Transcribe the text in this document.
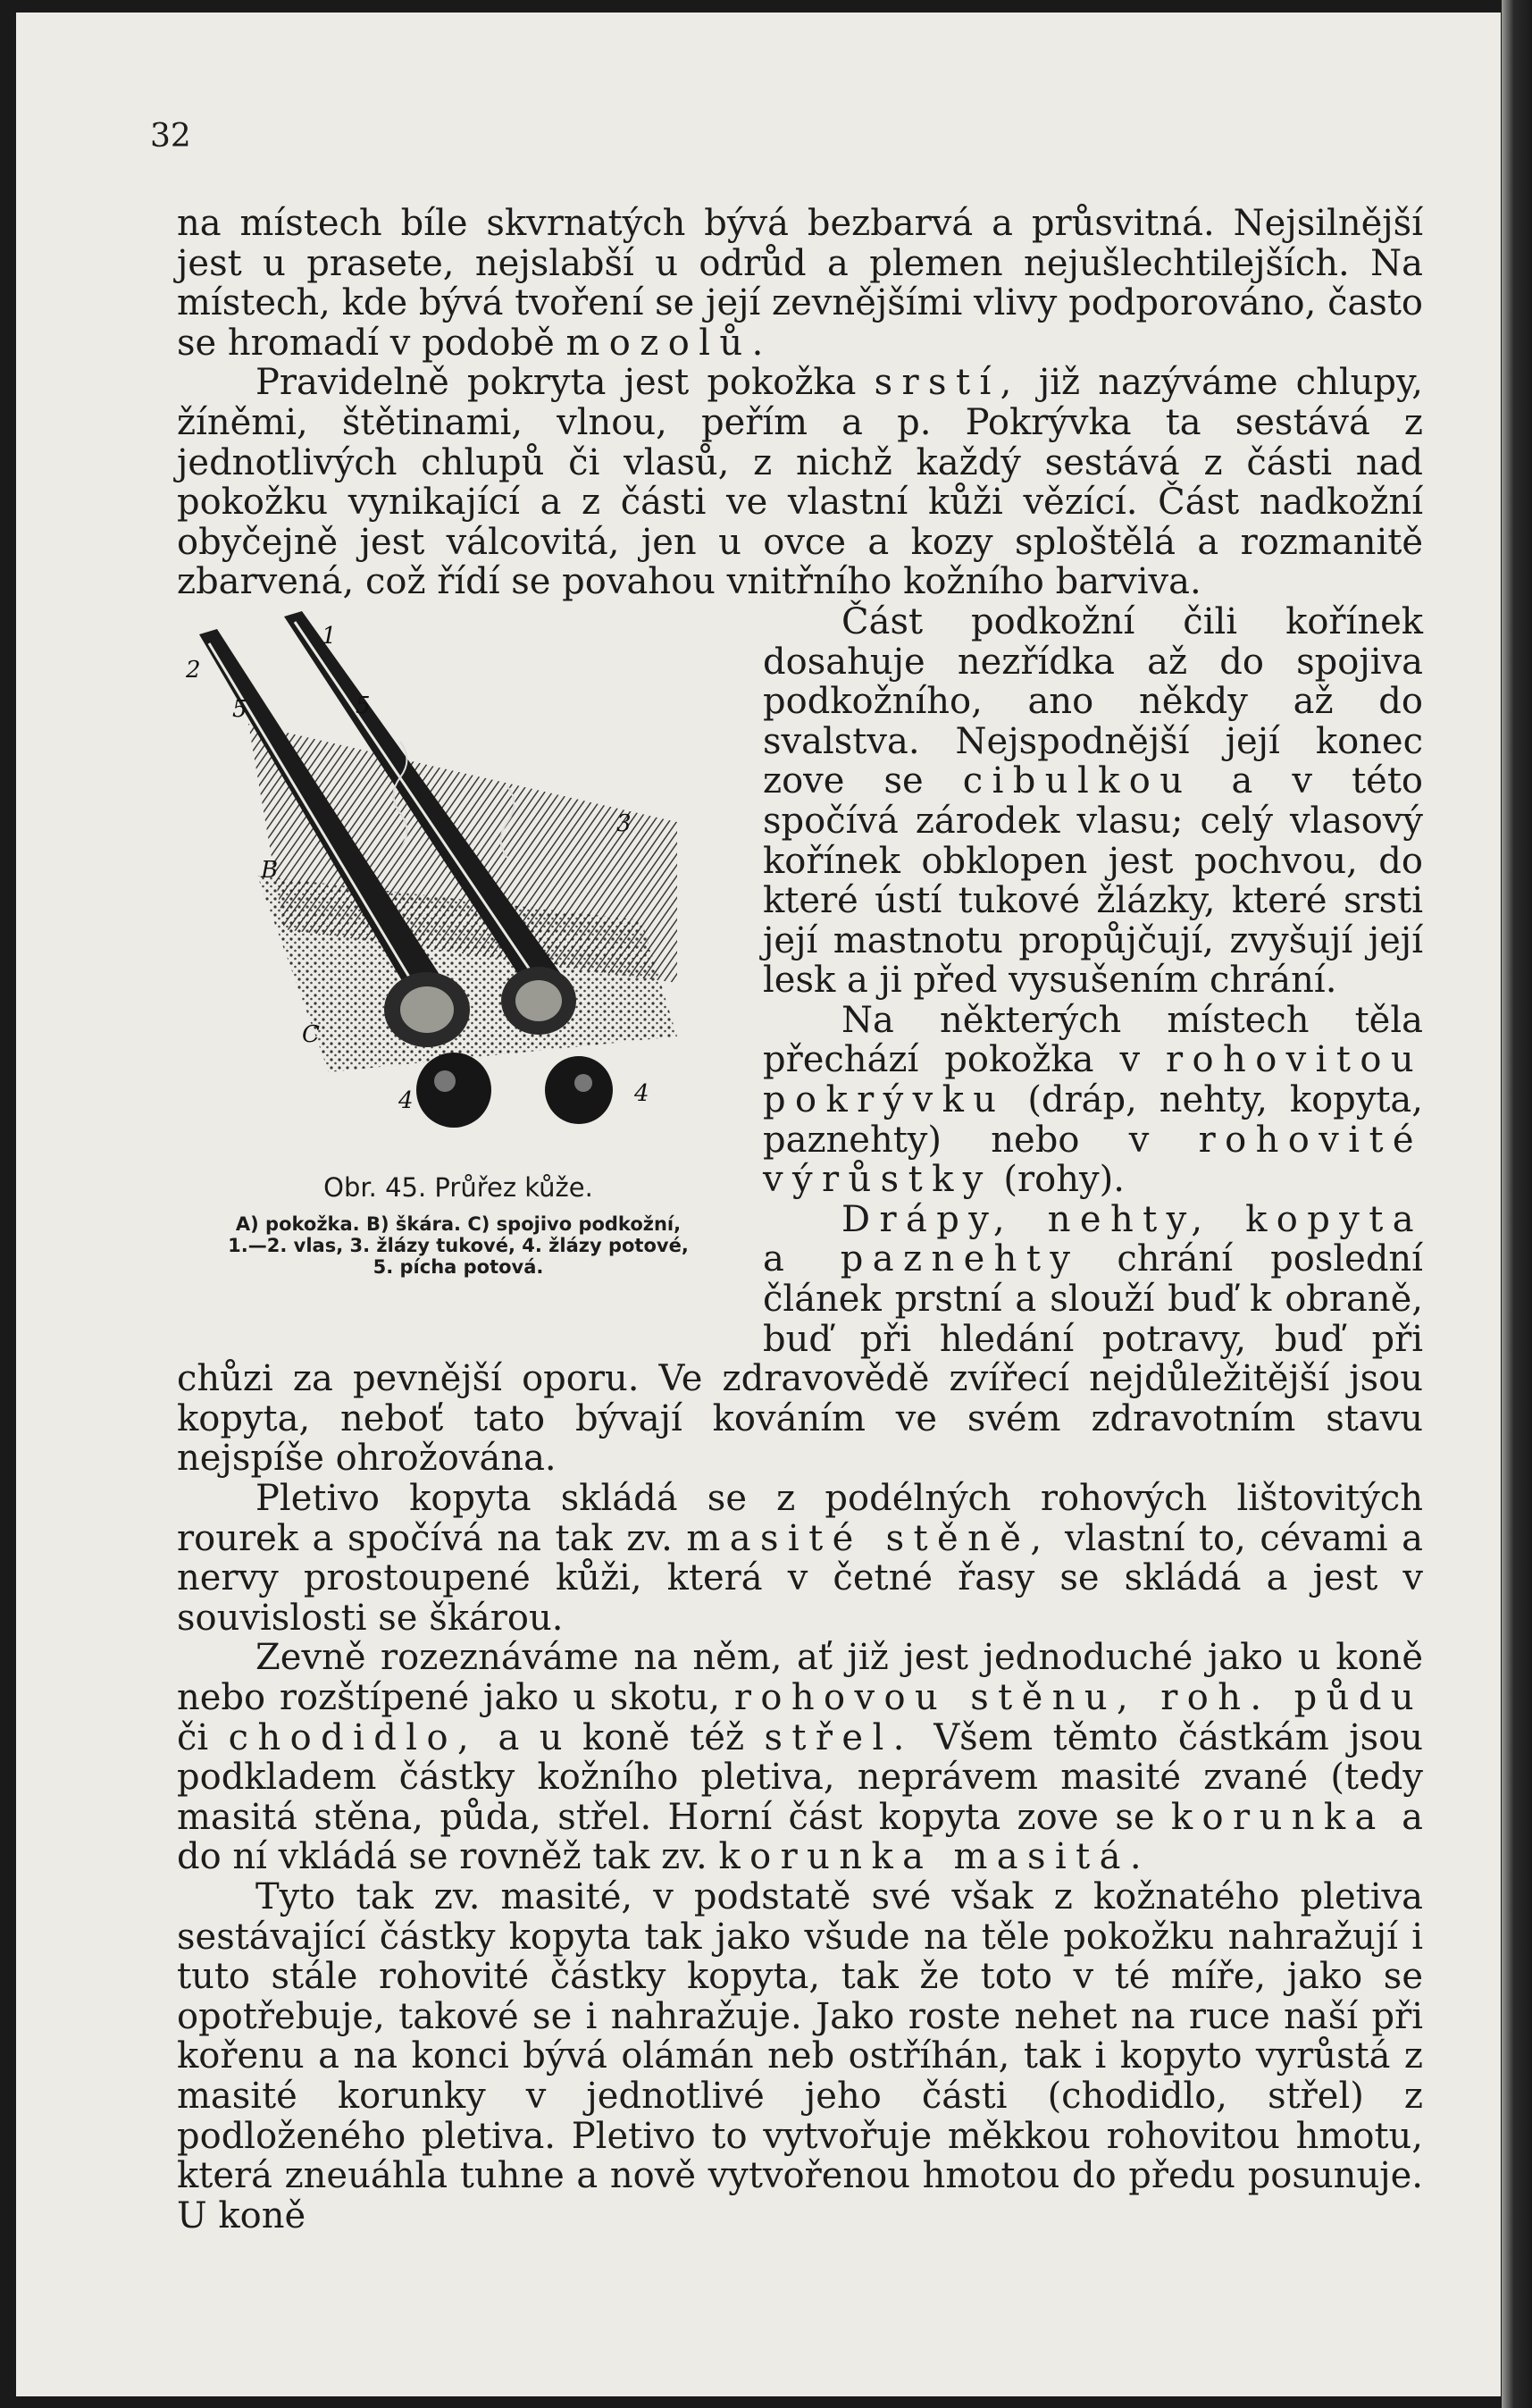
32

na místech bíle skvrnatých bývá bezbarvá a průsvitná. Nejsilnější jest u prasete, nejslabší u odrůd a plemen nejušlechtilejších. Na místech, kde bývá tvoření se její zevnějšími vlivy podporováno, často se hromadí v podobě mozolů.

Pravidelně pokryta jest pokožka srstí, již nazýváme chlupy, žíněmi, štětinami, vlnou, peřím a p. Pokrývka ta sestává z jednotlivých chlupů či vlasů, z nichž každý sestává z části nad pokožku vynikající a z části ve vlastní kůži vězící. Část nadkožní obyčejně jest válcovitá, jen u ovce a kozy sploštělá a rozmanitě zbarvená, což řídí se povahou vnitřního kožního barviva.

2
1
5	5
3
B
C
4	4
Obr. 45. Průřez kůže.
A) pokožka. B) škára. C) spojivo podkožní,
1.—2. vlas, 3. žlázy tukové, 4. žlázy potové,
5. píchа potová.

Část podkožní čili kořínek dosahuje nezřídka až do spojiva podkožního, ano někdy až do svalstva. Nejspodnější její konec zove se cibulkou a v této spočívá zárodek vlasu; celý vlasový kořínek obklopen jest pochvou, do které ústí tukové žlázky, které srsti její mastnotu propůjčují, zvyšují její lesk a ji před vysušením chrání.

Na některých místech těla přechází pokožka v rohovitou pokrývku (dráp, nehty, kopyta, paznehty) nebo v rohovité výrůstky (rohy).

Drápy, nehty, kopyta a paznehty chrání poslední článek prstní a slouží buď k obraně, buď při hledání potravy, buď při chůzi za pevnější oporu. Ve zdravovědě zvířecí nejdůležitější jsou kopyta, neboť tato bývají kováním ve svém zdravotním stavu nejspíše ohrožována.

Pletivo kopyta skládá se z podélných rohových lištovitých rourek a spočívá na tak zv. masité stěně, vlastní to, cévami a nervy prostoupené kůži, která v četné řasy se skládá a jest v souvislosti se škárou.

Zevně rozeznáváme na něm, ať již jest jednoduché jako u koně nebo rozštípené jako u skotu, rohovou stěnu, roh. půdu či chodidlo, a u koně též střel. Všem těmto částkám jsou podkladem částky kožního pletiva, neprávem masité zvané (tedy masitá stěna, půda, střel. Horní část kopyta zove se korunka a do ní vkládá se rovněž tak zv. korunka masitá.

Tyto tak zv. masité, v podstatě své však z kožnatého pletiva sestávající částky kopyta tak jako všude na těle pokožku nahražují i tuto stále rohovité částky kopyta, tak že toto v té míře, jako se opotřebuje, takové se i nahražuje. Jako roste nehet na ruce naší při kořenu a na konci bývá olámán neb ostříhán, tak i kopyto vyrůstá z masité korunky v jednotlivé jeho části (chodidlo, střel) z podloženého pletiva. Pletivo to vytvořuje měkkou rohovitou hmotu, která zneuáhla tuhne a nově vytvořenou hmotou do předu posunuje. U koně
